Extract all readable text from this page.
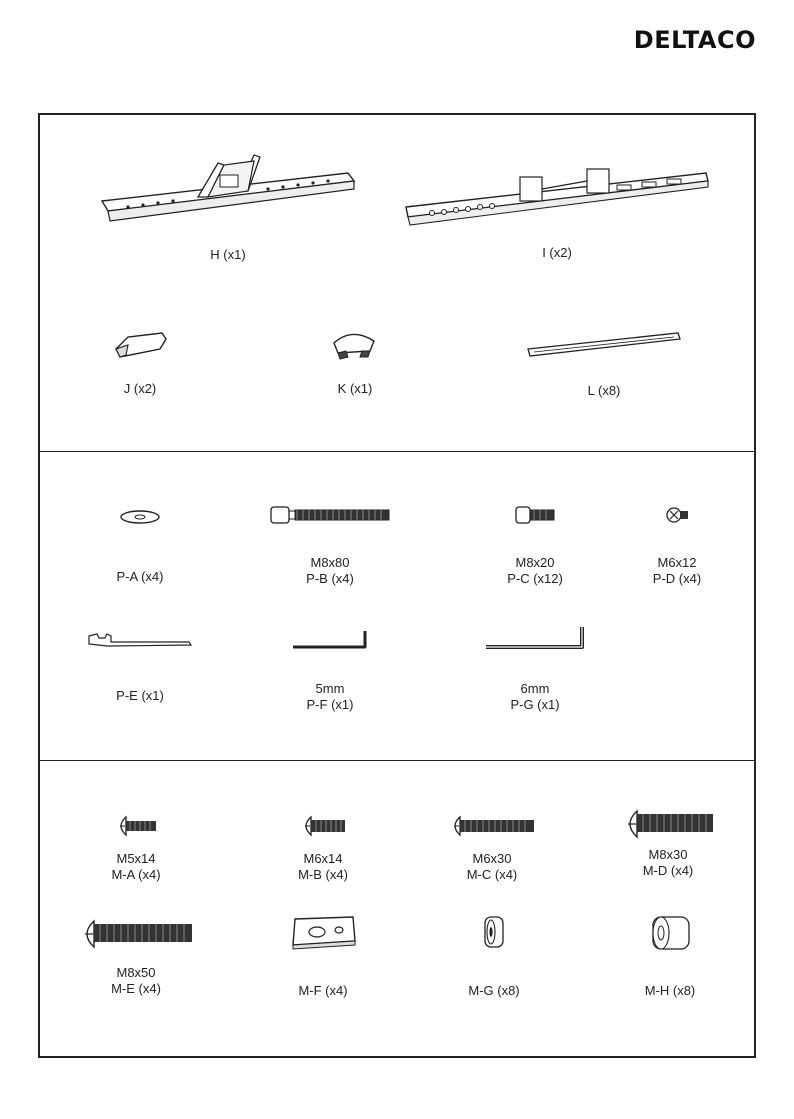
DELTACO
H (x1)	I (x2)
J (x2)	K (x1)	L (x8)
P-A (x4)
M8x80
P-B (x4)
M8x20
P-C (x12)
M6x12
P-D (x4)
P-E (x1)	5mm
P-F (x1)
6mm
P-G (x1)
M5x14
M-A (x4)
M6x14
M-B (x4)
M6x30
M-C (x4)
M8x30
M-D (x4)
M8x50
M-E (x4)	M-F (x4)	M-G (x8)	M-H (x8)
